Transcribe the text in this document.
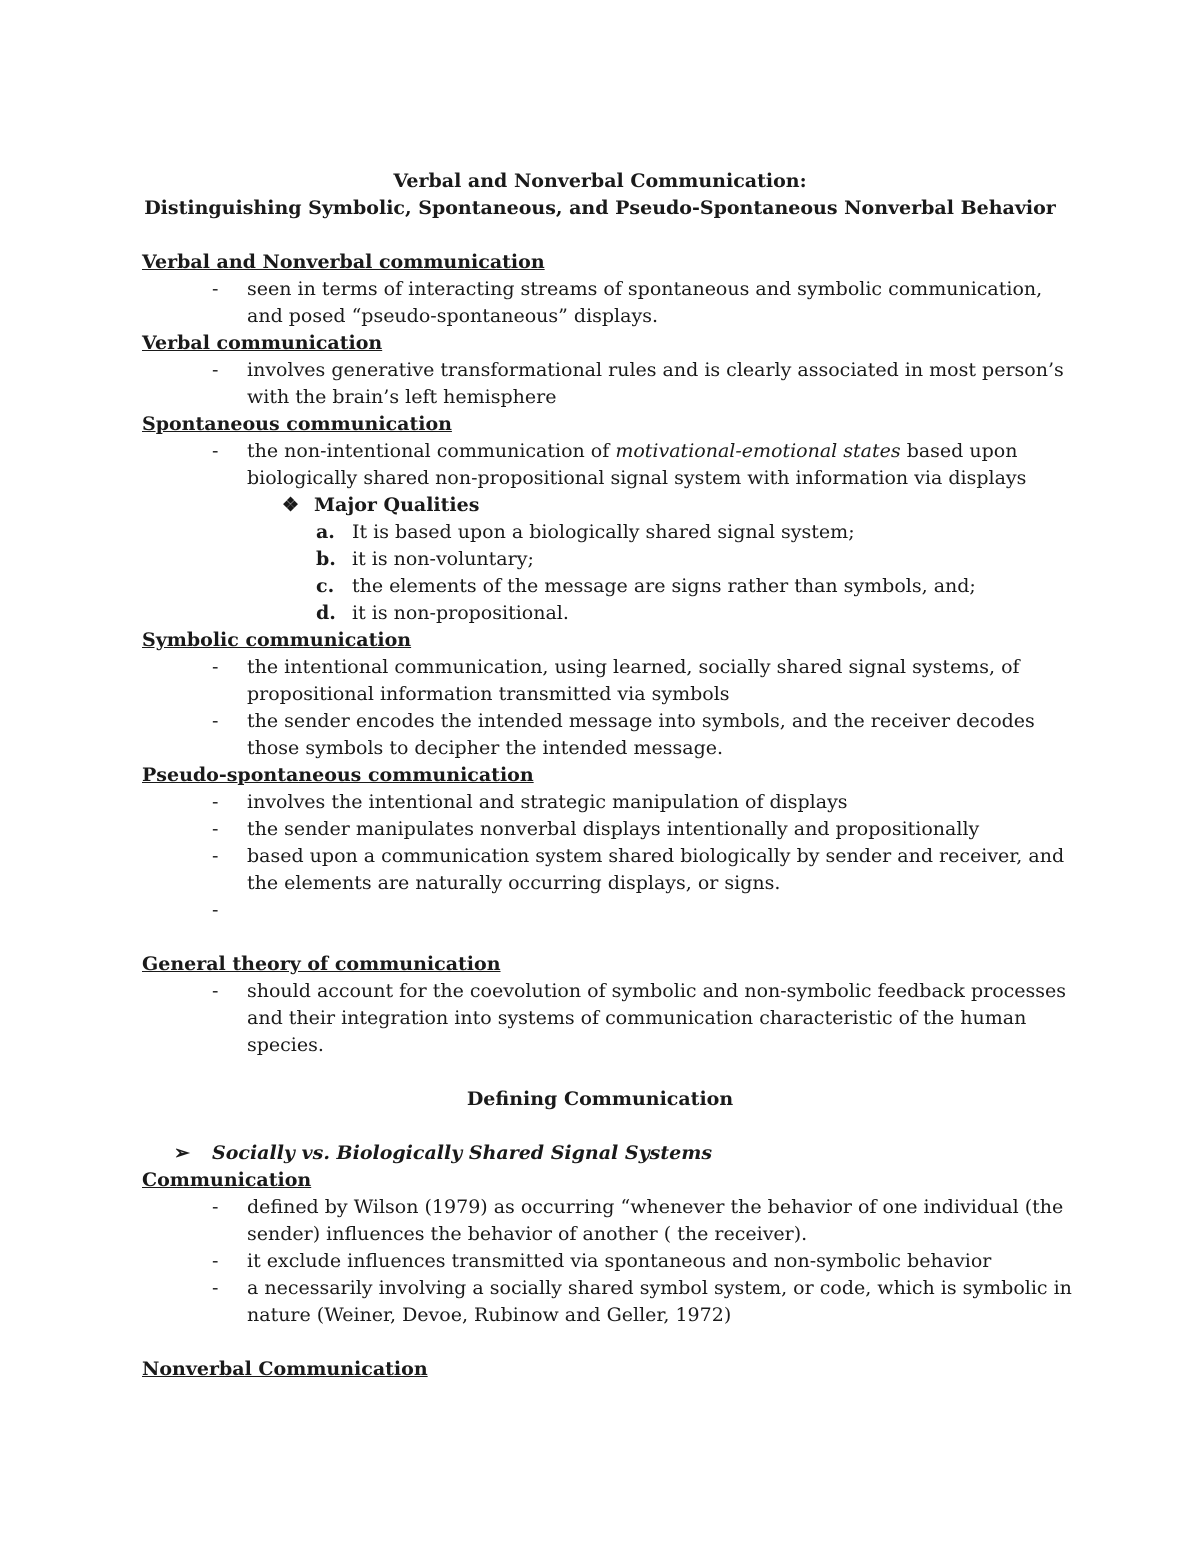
Verbal and Nonverbal Communication:

Distinguishing Symbolic, Spontaneous, and Pseudo-Spontaneous Nonverbal Behavior

Verbal and Nonverbal communication

- seen in terms of interacting streams of spontaneous and symbolic communication, and posed “pseudo-spontaneous” displays.

Verbal communication

- involves generative transformational rules and is clearly associated in most person’s with the brain’s left hemisphere

Spontaneous communication

- the non-intentional communication of motivational-emotional states based upon biologically shared non-propositional signal system with information via displays
❖ Major Qualities
a. It is based upon a biologically shared signal system;
b. it is non-voluntary;
c. the elements of the message are signs rather than symbols, and;
d. it is non-propositional.

Symbolic communication

- the intentional communication, using learned, socially shared signal systems, of propositional information transmitted via symbols
- the sender encodes the intended message into symbols, and the receiver decodes those symbols to decipher the intended message.

Pseudo-spontaneous communication

- involves the intentional and strategic manipulation of displays
- the sender manipulates nonverbal displays intentionally and propositionally
- based upon a communication system shared biologically by sender and receiver, and the elements are naturally occurring displays, or signs.
-

General theory of communication

- should account for the coevolution of symbolic and non-symbolic feedback processes and their integration into systems of communication characteristic of the human species.
Defining Communication
➢ Socially vs. Biologically Shared Signal Systems

Communication

- defined by Wilson (1979) as occurring “whenever the behavior of one individual (the sender) influences the behavior of another ( the receiver).
- it exclude influences transmitted via spontaneous and non-symbolic behavior
- a necessarily involving a socially shared symbol system, or code, which is symbolic in nature (Weiner, Devoe, Rubinow and Geller, 1972)

Nonverbal Communication
